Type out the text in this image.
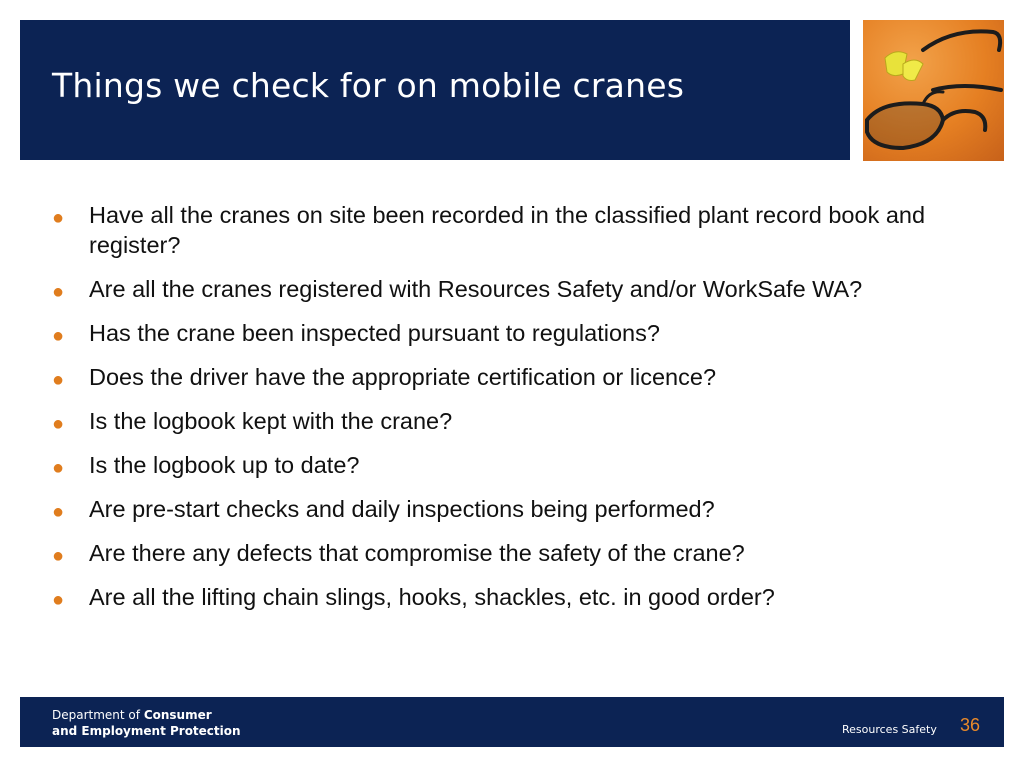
Things we check for on mobile cranes
● Have all the cranes on site been recorded in the classified plant record book and register?
● Are all the cranes registered with Resources Safety and/or WorkSafe WA?
● Has the crane been inspected pursuant to regulations?
● Does the driver have the appropriate certification or licence?
● Is the logbook kept with the crane?
● Is the logbook up to date?
● Are pre-start checks and daily inspections being performed?
● Are there any defects that compromise the safety of the crane?
● Are all the lifting chain slings, hooks, shackles, etc. in good order?
Department of Consumer
and Employment Protection	Resources Safety 36
